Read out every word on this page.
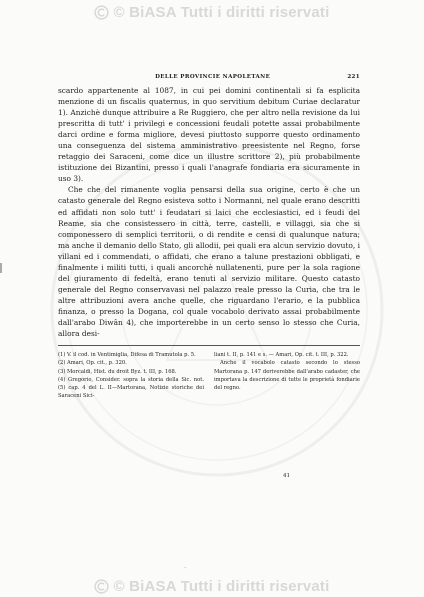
© BiASA Tutti i diritti riservati
DELLE PROVINCIE NAPOLETANE	221

scardo appartenente al 1087, in cui pei domini continentali si fa esplicita menzione di un fiscalis quaternus, in quo servitium debitum Curiae declaratur 1). Anzichè dunque attribuire a Re Ruggiero, che per altro nella revisione da lui prescritta di tutt' i privilegi e concessioni feudali potette assai probabilmente darci ordine e forma migliore, devesi piuttosto supporre questo ordinamento una conseguenza del sistema amministrativo preesistente nel Regno, forse retaggio dei Saraceni, come dice un illustre scrittore 2), più probabilmente istituzione dei Bizantini, presso i quali l'anagrafe fondiaria era sicuramente in uso 3).

Che che del rimanente voglia pensarsi della sua origine, certo è che un catasto generale del Regno esisteva sotto i Normanni, nel quale erano descritti ed affidati non solo tutt' i feudatari si laici che ecclesiastici, ed i feudi del Reame, sia che consistessero in città, terre, castelli, e villaggi, sia che si componessero di semplici territorii, o di rendite e censi di qualunque natura; ma anche il demanio dello Stato, gli allodii, pei quali era alcun servizio dovuto, i villani ed i commendati, o affidati, che erano a talune prestazioni obbligati, e finalmente i militi tutti, i quali ancorchè nullatenenti, pure per la sola ragione del giuramento di fedeltà, erano tenuti al servizio militare. Questo catasto generale del Regno conservavasi nel palazzo reale presso la Curia, che tra le altre attribuzioni avera anche quelle, che riguardano l'erario, e la pubblica finanza, o presso la Dogana, col quale vocabolo derivato assai probabilmente dall'arabo Diwân 4), che importerebbe in un certo senso lo stesso che Curia, allora desi-

(1) V. il cod. in Ventimiglia, Difesa di Tramutola p. 5.

(2) Amari, Op. cit., p. 320.

(3) Morcaldi, Hist. du droit Byz. t. III, p. 168.

(4) Gregorio, Consider. sopra la storia della Sic. not. (5) cap. 4 del L. II—Martorana, Notizie storiche dei Saraceni Sici-

liani t. II, p. 141 e s. — Amari, Op. cit. t. III, p. 322.

Anche il vocabolo catasto secondo lo stesso Martorana p. 147 deriverebbe dall'arabo cadaster, che importava la descrizione di tutte le proprietà fondiarie del regno.

41
ˇ
© BiASA Tutti i diritti riservati
